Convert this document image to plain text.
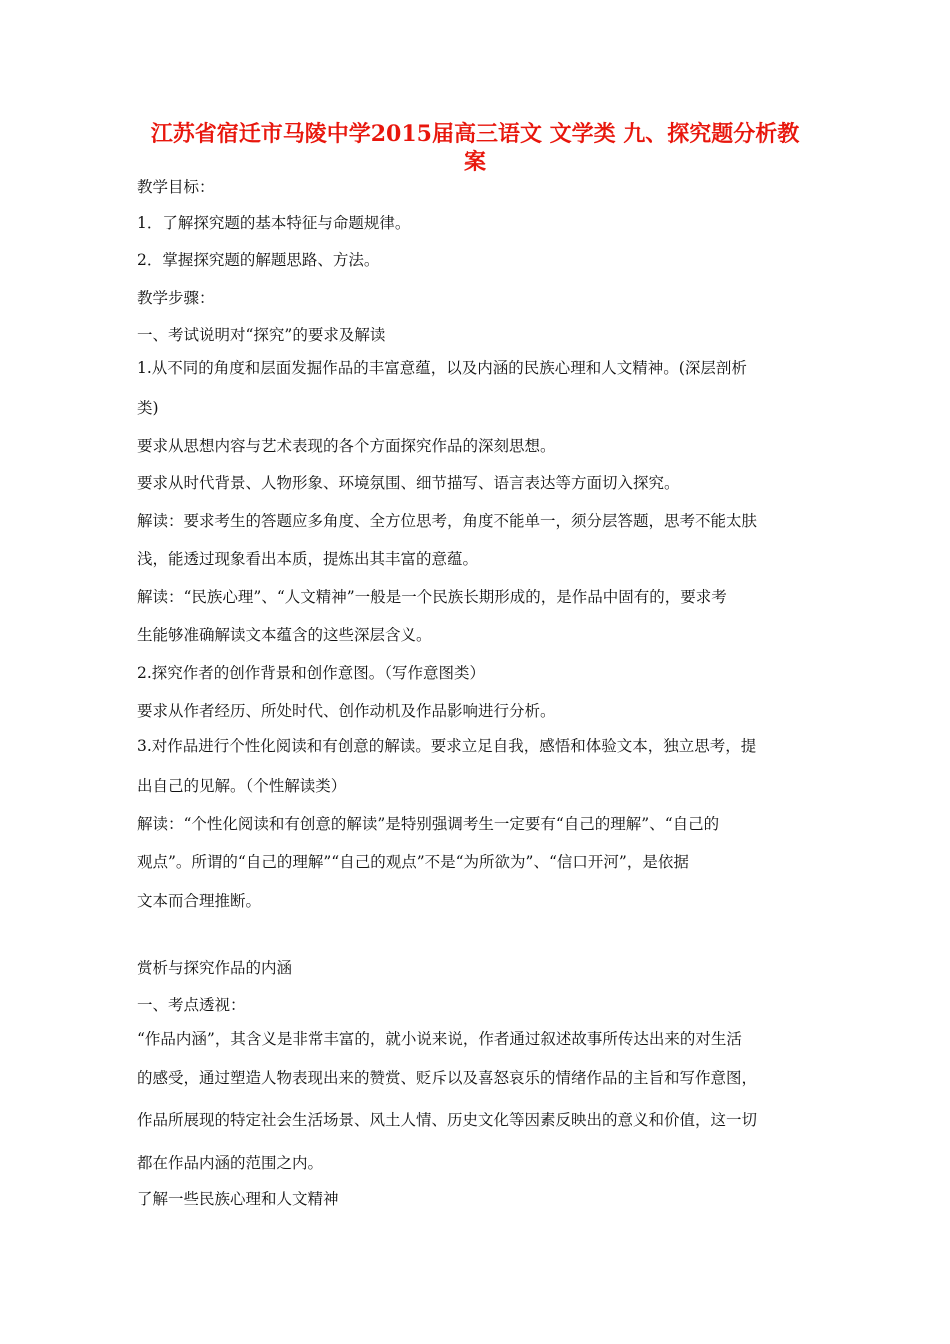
江苏省宿迁市马陵中学2015届高三语文 文学类 九、探究题分析教
案
教学目标：
1．了解探究题的基本特征与命题规律。
2．掌握探究题的解题思路、方法。
教学步骤：
一、考试说明对“探究”的要求及解读
1.从不同的角度和层面发掘作品的丰富意蕴，以及内涵的民族心理和人文精神。(深层剖析
类)
要求从思想内容与艺术表现的各个方面探究作品的深刻思想。
要求从时代背景、人物形象、环境氛围、细节描写、语言表达等方面切入探究。
解读：要求考生的答题应多角度、全方位思考，角度不能单一，须分层答题，思考不能太肤
浅，能透过现象看出本质，提炼出其丰富的意蕴。
解读：“民族心理”、“人文精神”一般是一个民族长期形成的，是作品中固有的，要求考
生能够准确解读文本蕴含的这些深层含义。
2.探究作者的创作背景和创作意图。（写作意图类）
要求从作者经历、所处时代、创作动机及作品影响进行分析。
3.对作品进行个性化阅读和有创意的解读。要求立足自我，感悟和体验文本，独立思考，提
出自己的见解。（个性解读类）
解读：“个性化阅读和有创意的解读”是特别强调考生一定要有“自己的理解”、“自己的
观点”。所谓的“自己的理解”“自己的观点”不是“为所欲为”、“信口开河”，是依据
文本而合理推断。
赏析与探究作品的内涵
一、考点透视：
“作品内涵”，其含义是非常丰富的，就小说来说，作者通过叙述故事所传达出来的对生活
的感受，通过塑造人物表现出来的赞赏、贬斥以及喜怒哀乐的情绪作品的主旨和写作意图，
作品所展现的特定社会生活场景、风土人情、历史文化等因素反映出的意义和价值，这一切
都在作品内涵的范围之内。
了解一些民族心理和人文精神
